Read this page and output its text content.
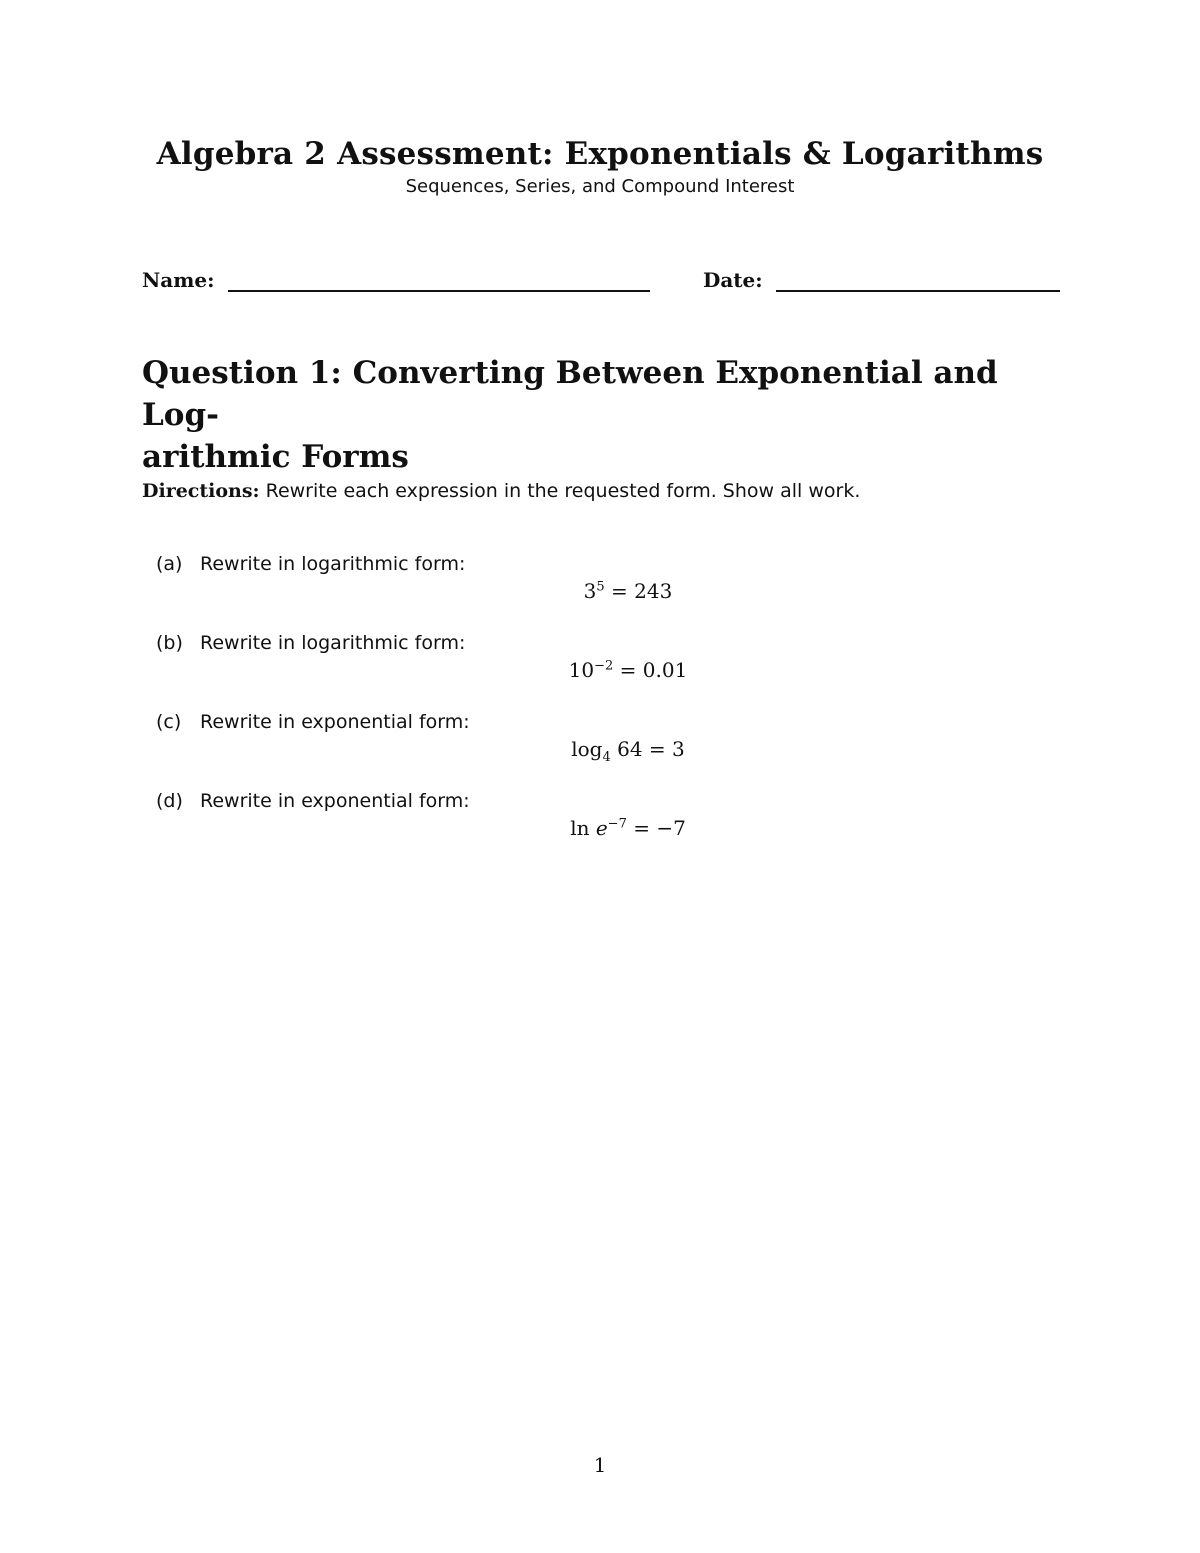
Algebra 2 Assessment: Exponentials & Logarithms
Sequences, Series, and Compound Interest
Name:	Date:
Question 1: Converting Between Exponential and Log-
arithmic Forms
Directions: Rewrite each expression in the requested form. Show all work.
(a) Rewrite in logarithmic form:
$3^5 = 243$
(b) Rewrite in logarithmic form:
$10^{-2} = 0.01$
(c) Rewrite in exponential form:
$\log_4 64 = 3$
(d) Rewrite in exponential form:
$\ln e^{-7} = -7$
1
